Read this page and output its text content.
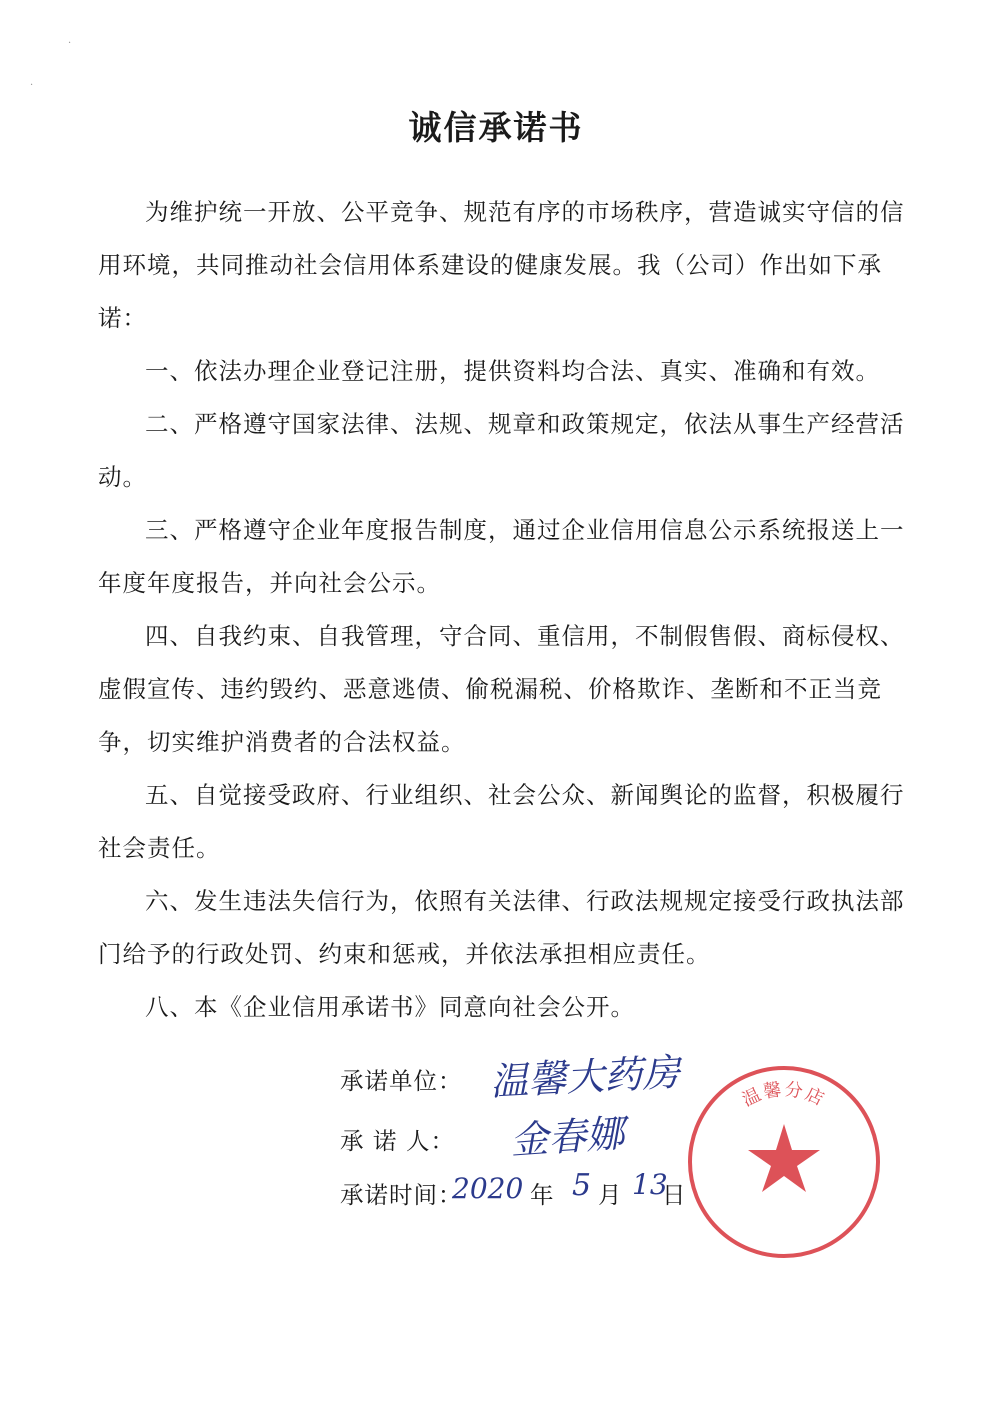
·
·
诚信承诺书

为维护统一开放、公平竞争、规范有序的市场秩序，营造诚实守信的信用环境，共同推动社会信用体系建设的健康发展。我（公司）作出如下承诺：

一、依法办理企业登记注册，提供资料均合法、真实、准确和有效。

二、严格遵守国家法律、法规、规章和政策规定，依法从事生产经营活动。

三、严格遵守企业年度报告制度，通过企业信用信息公示系统报送上一年度年度报告，并向社会公示。

四、自我约束、自我管理，守合同、重信用，不制假售假、商标侵权、虚假宣传、违约毁约、恶意逃债、偷税漏税、价格欺诈、垄断和不正当竞争，切实维护消费者的合法权益。

五、自觉接受政府、行业组织、社会公众、新闻舆论的监督，积极履行社会责任。

六、发生违法失信行为，依照有关法律、行政法规规定接受行政执法部门给予的行政处罚、约束和惩戒，并依法承担相应责任。

八、本《企业信用承诺书》同意向社会公开。

承诺单位： 温馨大药房
承 诺 人： 金春娜
承诺时间：
2020 年 5 月 13
日
温馨分店
